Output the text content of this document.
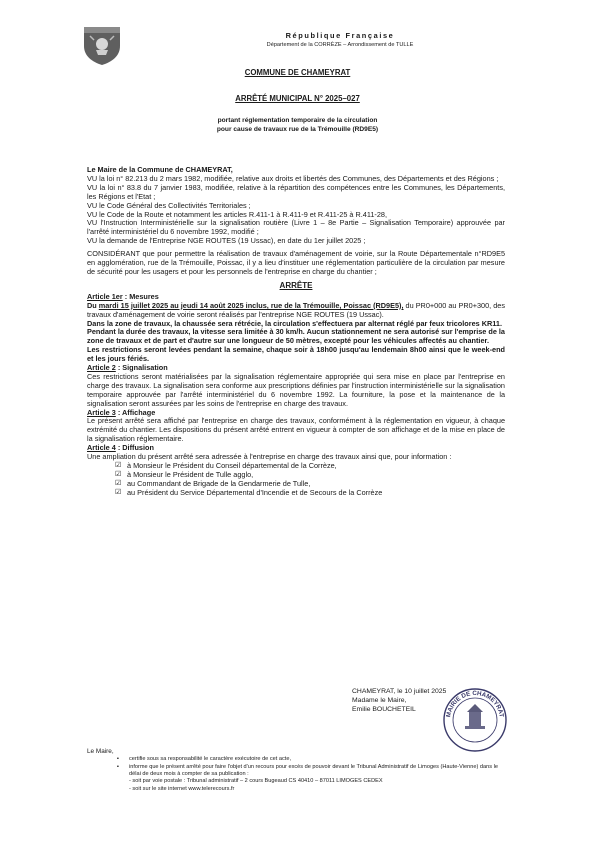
République Française
Département de la CORRÈZE – Arrondissement de TULLE
COMMUNE DE CHAMEYRAT
ARRÊTÉ MUNICIPAL N° 2025–027
portant réglementation temporaire de la circulation
pour cause de travaux rue de la Trémouille (RD9E5)

Le Maire de la Commune de CHAMEYRAT,

VU la loi n° 82.213 du 2 mars 1982, modifiée, relative aux droits et libertés des Communes, des Départements et des Régions ;

VU la loi n° 83.8 du 7 janvier 1983, modifiée, relative à la répartition des compétences entre les Communes, les Départements, les Régions et l'Etat ;

VU le Code Général des Collectivités Territoriales ;

VU le Code de la Route et notamment les articles R.411-1 à R.411-9 et R.411-25 à R.411-28,

VU l'Instruction Interministérielle sur la signalisation routière (Livre 1 – 8e Partie – Signalisation Temporaire) approuvée par l'arrêté interministériel du 6 novembre 1992, modifié ;

VU la demande de l'Entreprise NGE ROUTES (19 Ussac), en date du 1er juillet 2025 ;

CONSIDÉRANT que pour permettre la réalisation de travaux d'aménagement de voirie, sur la Route Départementale n°RD9E5 en agglomération, rue de la Trémouille, Poissac, il y a lieu d'instituer une réglementation particulière de la circulation par mesure de sécurité pour les usagers et pour les personnels de l'entreprise en charge du chantier ;

ARRÊTE

Article 1er : Mesures

Du mardi 15 juillet 2025 au jeudi 14 août 2025 inclus, rue de la Trémouille, Poissac (RD9E5), du PR0+000 au PR0+300, des travaux d'aménagement de voirie seront réalisés par l'entreprise NGE ROUTES (19 Ussac).

Dans la zone de travaux, la chaussée sera rétrécie, la circulation s'effectuera par alternat réglé par feux tricolores KR11.

Pendant la durée des travaux, la vitesse sera limitée à 30 km/h. Aucun stationnement ne sera autorisé sur l'emprise de la zone de travaux et de part et d'autre sur une longueur de 50 mètres, excepté pour les véhicules affectés au chantier.

Les restrictions seront levées pendant la semaine, chaque soir à 18h00 jusqu'au lendemain 8h00 ainsi que le week-end et les jours fériés.

Article 2 : Signalisation

Ces restrictions seront matérialisées par la signalisation réglementaire appropriée qui sera mise en place par l'entreprise en charge des travaux. La signalisation sera conforme aux prescriptions définies par l'instruction interministérielle sur la signalisation temporaire approuvée par l'arrêté interministériel du 6 novembre 1992. La fourniture, la pose et la maintenance de la signalisation seront assurées par les soins de l'entreprise en charge des travaux.

Article 3 : Affichage

Le présent arrêté sera affiché par l'entreprise en charge des travaux, conformément à la réglementation en vigueur, à chaque extrémité du chantier. Les dispositions du présent arrêté entrent en vigueur à compter de son affichage et de la mise en place de la signalisation réglementaire.

Article 4 : Diffusion

Une ampliation du présent arrêté sera adressée à l'entreprise en charge des travaux ainsi que, pour information :

☑ à Monsieur le Président du Conseil départemental de la Corrèze,
☑ à Monsieur le Président de Tulle agglo,
☑ au Commandant de Brigade de la Gendarmerie de Tulle,
☑ au Président du Service Départemental d'Incendie et de Secours de la Corrèze
CHAMEYRAT, le 10 juillet 2025
Madame le Maire,
Emilie BOUCHETEIL
MAIRIE DE CHAMEYRAT

Le Maire,

▪ certifie sous sa responsabilité le caractère exécutoire de cet acte,
▪ informe que le présent arrêté pour faire l'objet d'un recours pour excès de pouvoir devant le Tribunal Administratif de Limoges (Haute-Vienne) dans le délai de deux mois à compter de sa publication :
- soit par voie postale : Tribunal administratif – 2 cours Bugeaud CS 40410 – 87011 LIMOGES CEDEX
- soit sur le site internet www.telerecours.fr
